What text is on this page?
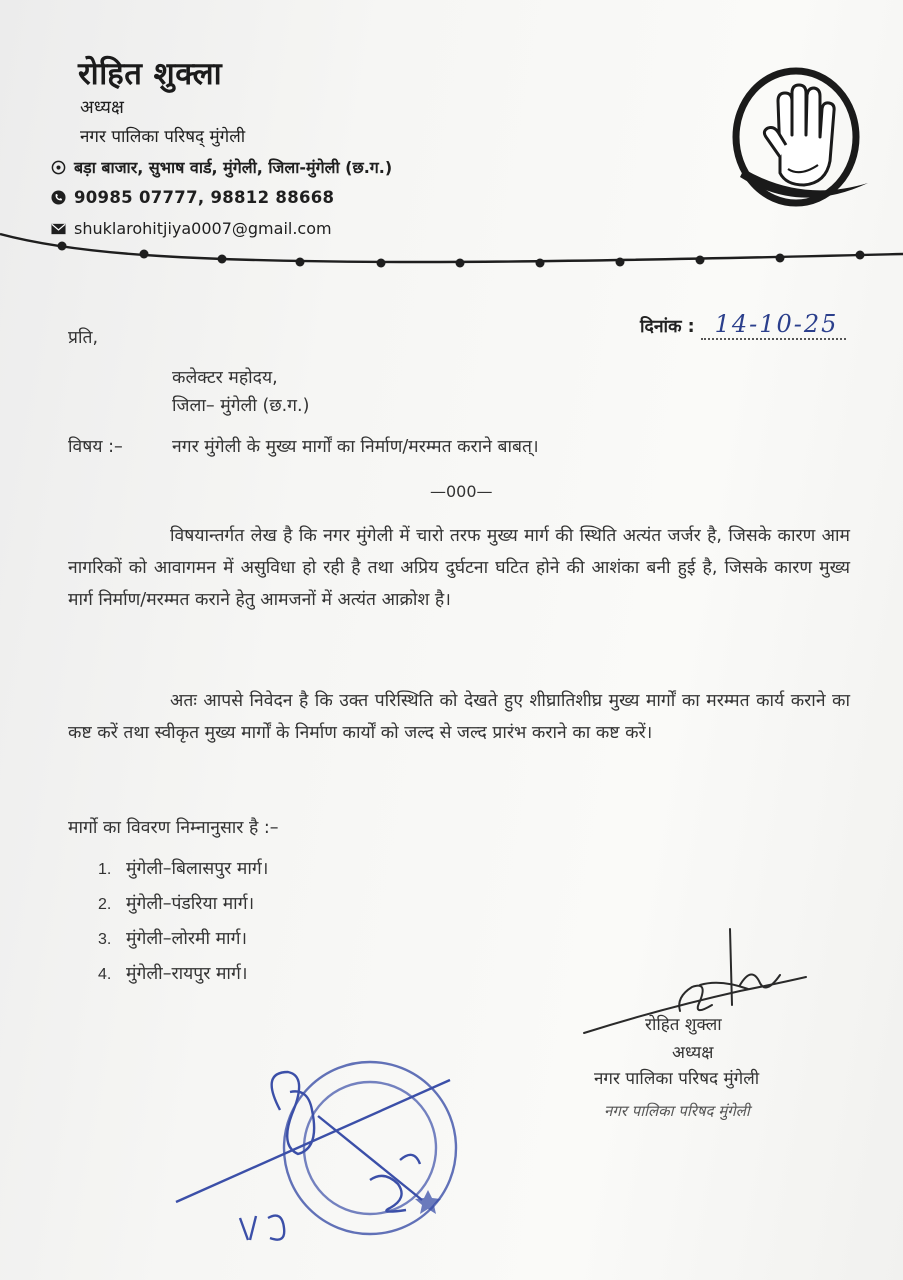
रोहित शुक्ला
अध्यक्ष
नगर पालिका परिषद् मुंगेली
बड़ा बाजार, सुभाष वार्ड, मुंगेली, जिला-मुंगेली (छ.ग.)
90985 07777, 98812 88668
shuklarohitjiya0007@gmail.com
प्रति,
दिनांक : 14-10-25
कलेक्टर महोदय,
जिला– मुंगेली (छ.ग.)
विषय :–	नगर मुंगेली के मुख्य मार्गों का निर्माण/मरम्मत कराने बाबत्।
—000—
विषयान्तर्गत लेख है कि नगर मुंगेली में चारो तरफ मुख्य मार्ग की स्थिति अत्यंत जर्जर है, जिसके कारण आम नागरिकों को आवागमन में असुविधा हो रही है तथा अप्रिय दुर्घटना घटित होने की आशंका बनी हुई है, जिसके कारण मुख्य मार्ग निर्माण/मरम्मत कराने हेतु आमजनों में अत्यंत आक्रोश है।
अतः आपसे निवेदन है कि उक्त परिस्थिति को देखते हुए शीघ्रातिशीघ्र मुख्य मार्गों का मरम्मत कार्य कराने का कष्ट करें तथा स्वीकृत मुख्य मार्गों के निर्माण कार्यों को जल्द से जल्द प्रारंभ कराने का कष्ट करें।
मार्गो का विवरण निम्नानुसार है :–
1. मुंगेली–बिलासपुर मार्ग।
2. मुंगेली–पंडरिया मार्ग।
3. मुंगेली–लोरमी मार्ग।
4. मुंगेली–रायपुर मार्ग।
रोहित शुक्ला
अध्यक्ष
नगर पालिका परिषद मुंगेली
नगर पालिका परिषद मुंगेली
